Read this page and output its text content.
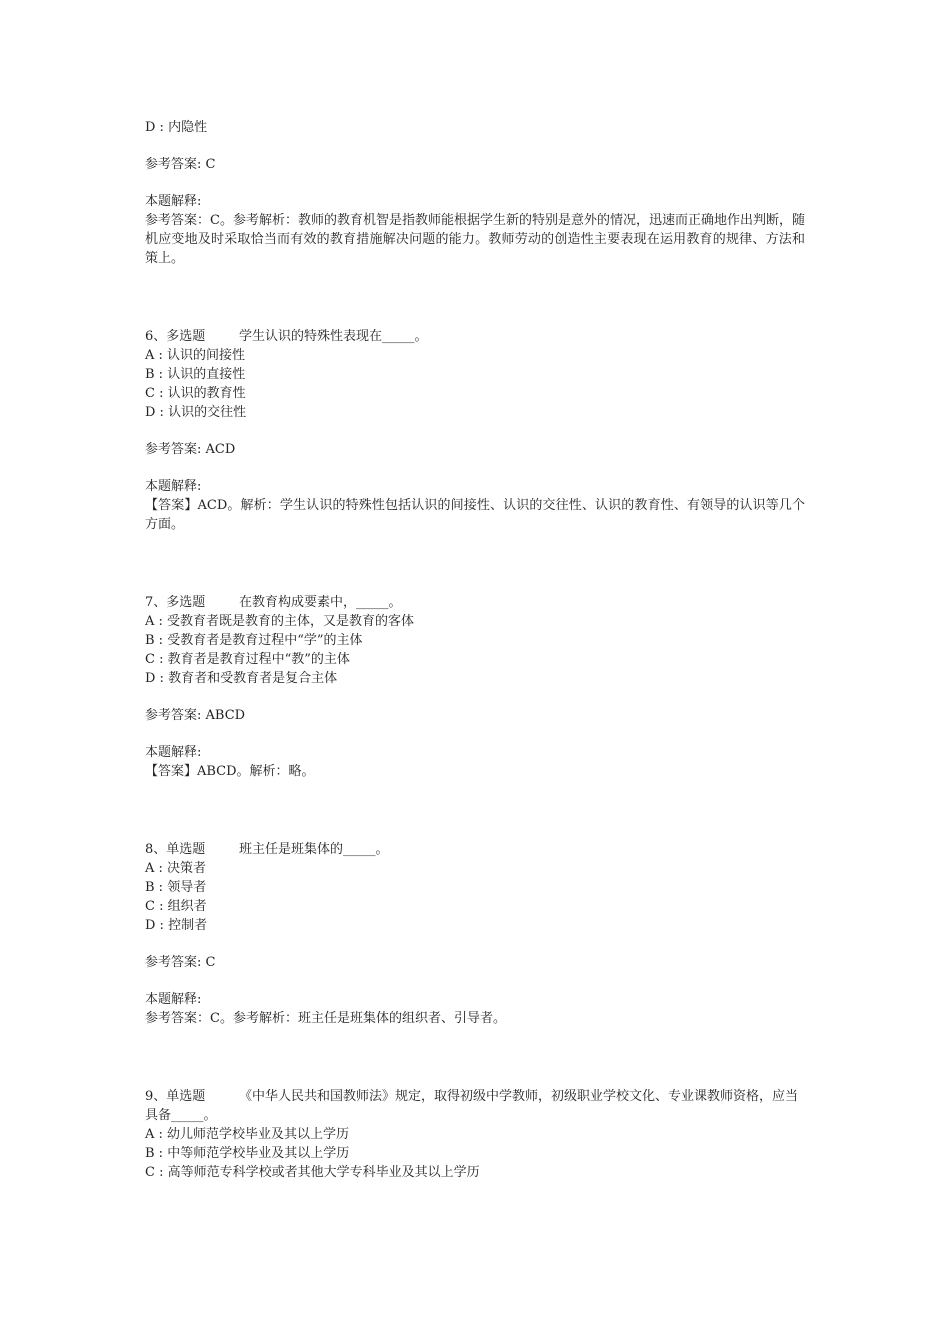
D : 内隐性
参考答案: C
本题解释:
参考答案：C。参考解析：教师的教育机智是指教师能根据学生新的特别是意外的情况，迅速而正确地作出判断，随机应变地及时采取恰当而有效的教育措施解决问题的能力。教师劳动的创造性主要表现在运用教育的规律、方法和策上。
6、多选题	学生认识的特殊性表现在_____。
A : 认识的间接性
B : 认识的直接性
C : 认识的教育性
D : 认识的交往性
参考答案: ACD
本题解释:
【答案】ACD。解析：学生认识的特殊性包括认识的间接性、认识的交往性、认识的教育性、有领导的认识等几个方面。
7、多选题	在教育构成要素中，_____。
A : 受教育者既是教育的主体，又是教育的客体
B : 受教育者是教育过程中“学”的主体
C : 教育者是教育过程中“教”的主体
D : 教育者和受教育者是复合主体
参考答案: ABCD
本题解释:
【答案】ABCD。解析：略。
8、单选题	班主任是班集体的_____。
A : 决策者
B : 领导者
C : 组织者
D : 控制者
参考答案: C
本题解释:
参考答案：C。参考解析：班主任是班集体的组织者、引导者。
9、单选题	《中华人民共和国教师法》规定，取得初级中学教师，初级职业学校文化、专业课教师资格，应当具备_____。
A : 幼儿师范学校毕业及其以上学历
B : 中等师范学校毕业及其以上学历
C : 高等师范专科学校或者其他大学专科毕业及其以上学历
